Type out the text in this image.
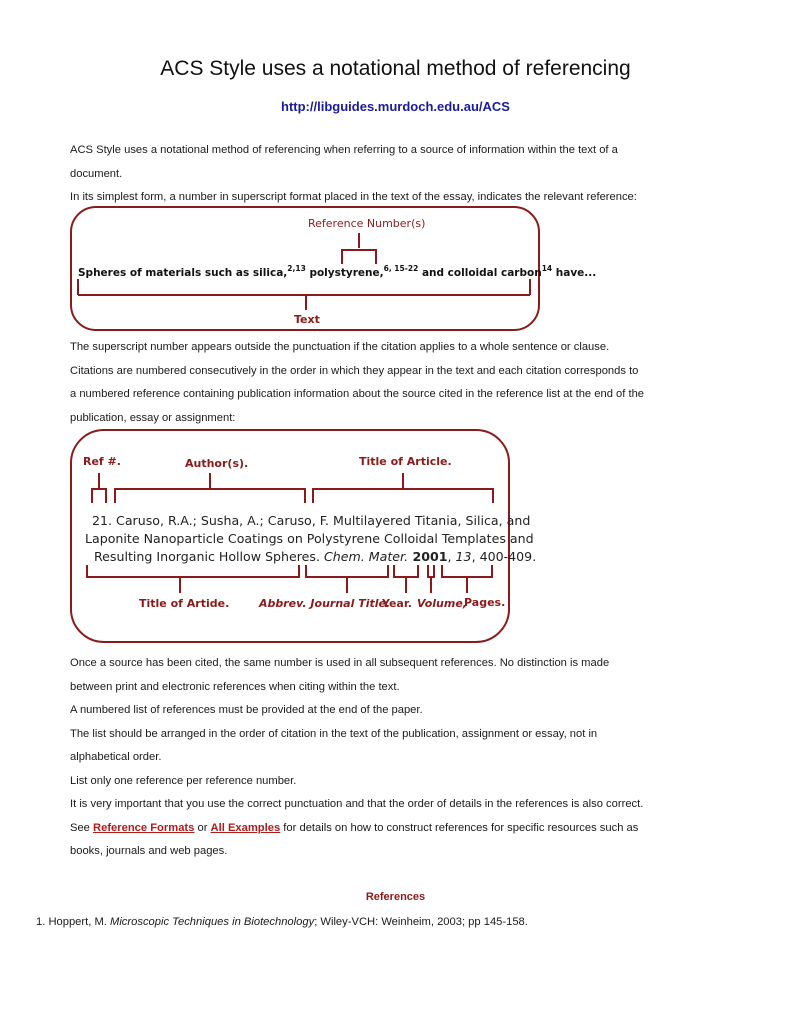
ACS Style uses a notational method of referencing
http://libguides.murdoch.edu.au/ACS

ACS Style uses a notational method of referencing when referring to a source of information within the text of a

document.

In its simplest form, a number in superscript format placed in the text of the essay, indicates the relevant reference:

Reference Number(s)
Spheres of materials such as silica,$^{2,13}$ polystyrene,$^{6, 15-22}$ and colloidal carbon$^{14}$ have...
Text

The superscript number appears outside the punctuation if the citation applies to a whole sentence or clause.

Citations are numbered consecutively in the order in which they appear in the text and each citation corresponds to

a numbered reference containing publication information about the source cited in the reference list at the end of the

publication, essay or assignment:

Ref #.	Author(s).	Title of Article.
21. Caruso, R.A.; Susha, A.; Caruso, F. Multilayered Titania, Silica, and
Laponite Nanoparticle Coatings on Polystyrene Colloidal Templates and
Resulting Inorganic Hollow Spheres. Chem. Mater. 2001, 13, 400-409.
Title of Artide.	Abbrev. Journal Title.
Year. Volume,
Pages.

Once a source has been cited, the same number is used in all subsequent references. No distinction is made

between print and electronic references when citing within the text.

A numbered list of references must be provided at the end of the paper.

The list should be arranged in the order of citation in the text of the publication, assignment or essay, not in

alphabetical order.

List only one reference per reference number.

It is very important that you use the correct punctuation and that the order of details in the references is also correct.

See Reference Formats or All Examples for details on how to construct references for specific resources such as

books, journals and web pages.

References
1. Hoppert, M. Microscopic Techniques in Biotechnology; Wiley-VCH: Weinheim, 2003; pp 145-158.
